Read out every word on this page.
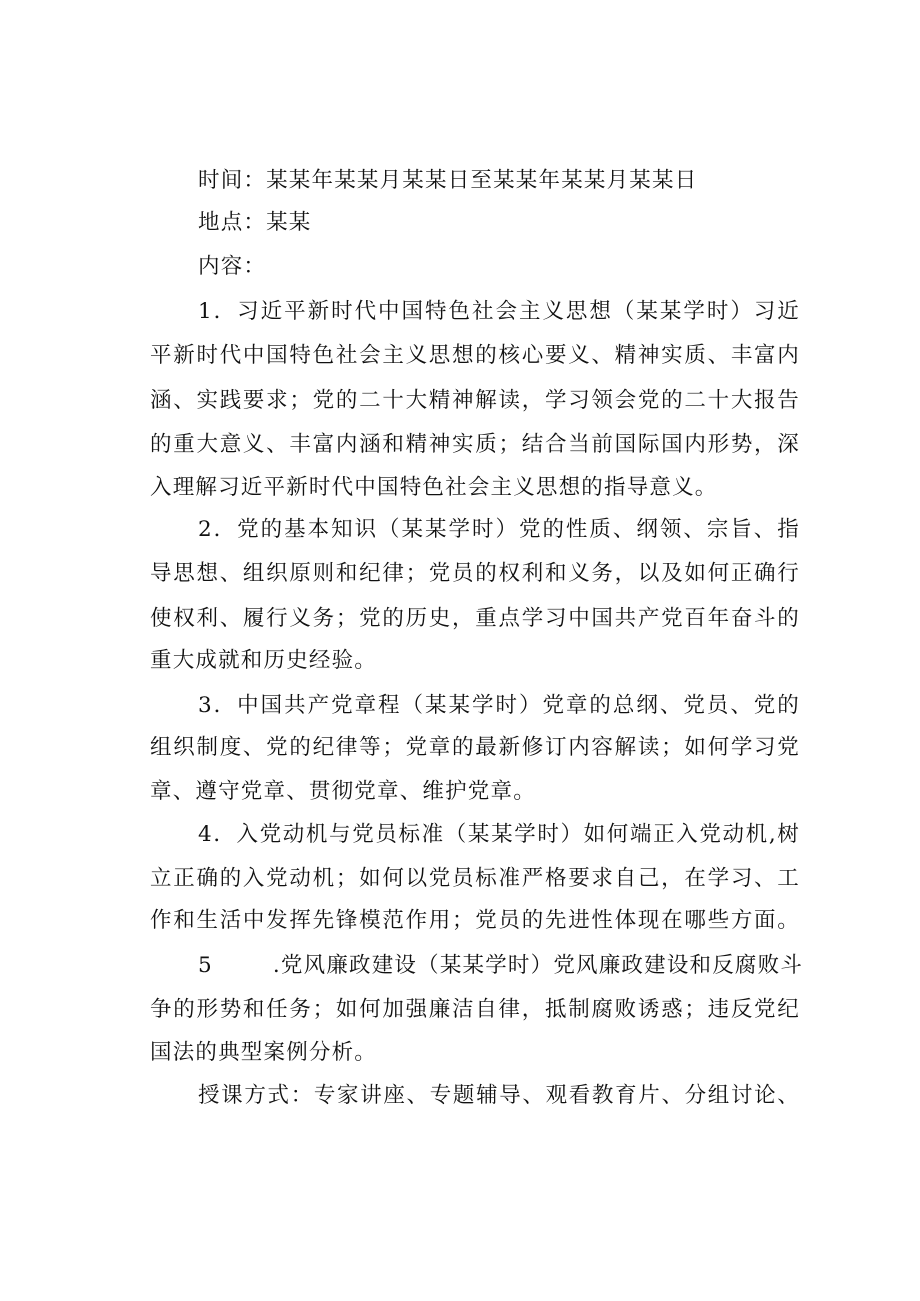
时间：某某年某某月某某日至某某年某某月某某日
地点：某某
内容：
1．习近平新时代中国特色社会主义思想（某某学时）习近
平新时代中国特色社会主义思想的核心要义、精神实质、丰富内
涵、实践要求；党的二十大精神解读，学习领会党的二十大报告
的重大意义、丰富内涵和精神实质；结合当前国际国内形势，深
入理解习近平新时代中国特色社会主义思想的指导意义。
2．党的基本知识（某某学时）党的性质、纲领、宗旨、指
导思想、组织原则和纪律；党员的权利和义务，以及如何正确行
使权利、履行义务；党的历史，重点学习中国共产党百年奋斗的
重大成就和历史经验。
3．中国共产党章程（某某学时）党章的总纲、党员、党的
组织制度、党的纪律等；党章的最新修订内容解读；如何学习党
章、遵守党章、贯彻党章、维护党章。
4．入党动机与党员标准（某某学时）如何端正入党动机,树
立正确的入党动机；如何以党员标准严格要求自己，在学习、工
作和生活中发挥先锋模范作用；党员的先进性体现在哪些方面。
5	.党风廉政建设（某某学时）党风廉政建设和反腐败斗
争的形势和任务；如何加强廉洁自律，抵制腐败诱惑；违反党纪
国法的典型案例分析。
授课方式：专家讲座、专题辅导、观看教育片、分组讨论、
